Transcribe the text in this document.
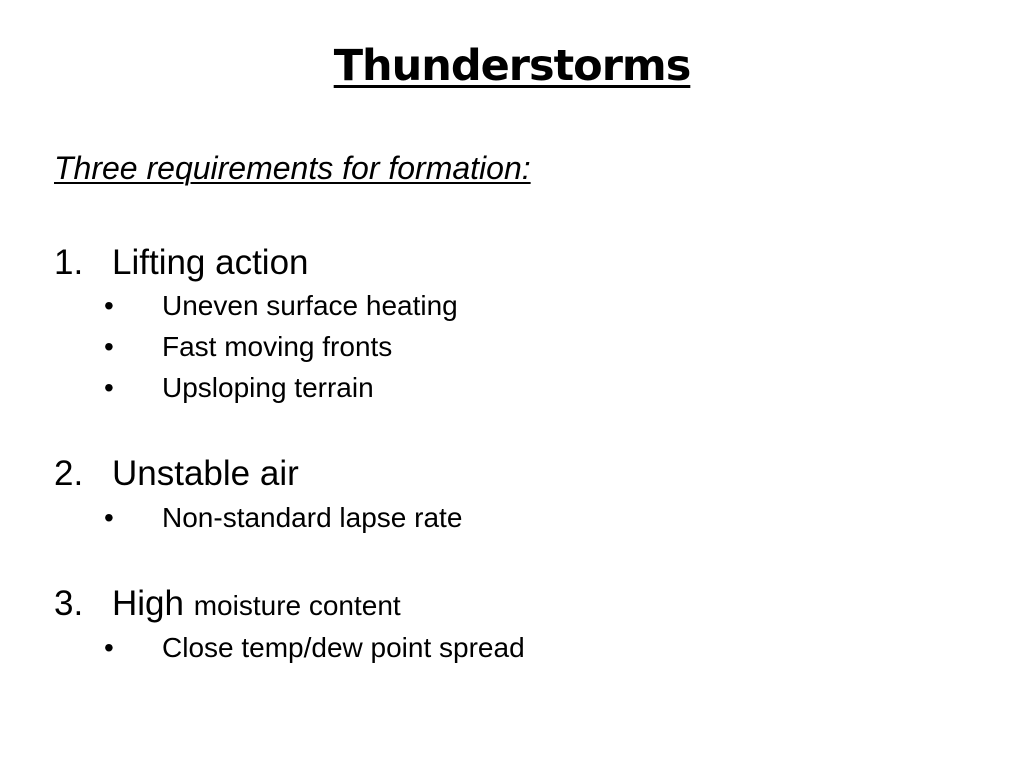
Thunderstorms
Three requirements for formation:
1. Lifting action
• Uneven surface heating
• Fast moving fronts
• Upsloping terrain
2. Unstable air
• Non-standard lapse rate
3. High moisture content
• Close temp/dew point spread
